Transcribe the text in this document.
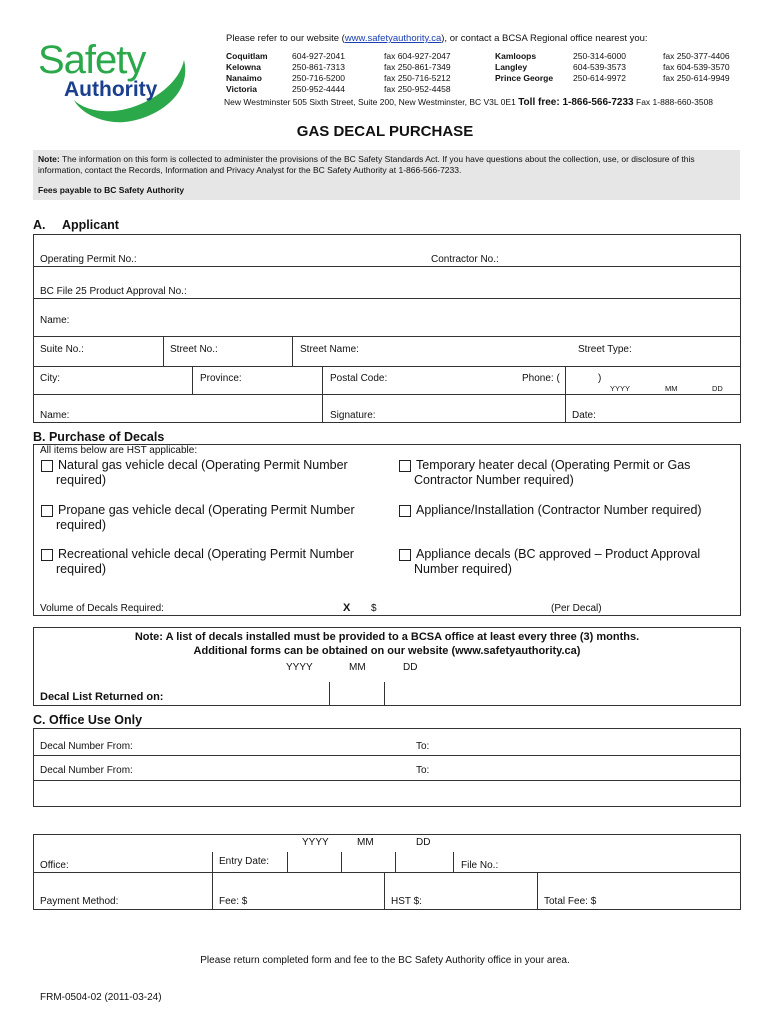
Safety
Authority
Please refer to our website (www.safetyauthority.ca), or contact a BCSA Regional office nearest you:
Coquitlam	604-927-2041	fax 604-927-2047
Kelowna	250-861-7313	fax 250-861-7349
Nanaimo	250-716-5200	fax 250-716-5212
Victoria	250-952-4444	fax 250-952-4458
Kamloops	250-314-6000	fax 250-377-4406
Langley	604-539-3573	fax 604-539-3570
Prince George 250-614-9972	fax 250-614-9949
New Westminster 505 Sixth Street, Suite 200, New Westminster, BC V3L 0E1 Toll free: 1-866-566-7233 Fax 1-888-660-3508
GAS DECAL PURCHASE
Note: The information on this form is collected to administer the provisions of the BC Safety Standards Act. If you have questions about the collection, use, or disclosure of this information, contact the Records, Information and Privacy Analyst for the BC Safety Authority at 1-866-566-7233.
Fees payable to BC Safety Authority
A. Applicant
Operating Permit No.:	Contractor No.:
BC File 25 Product Approval No.:
Name:
Suite No.:	Street No.:	Street Name:	Street Type:
City:	Province:	Postal Code:	Phone: (	)
YYYY	MM	DD
Name:	Signature:	Date:
B. Purchase of Decals
All items below are HST applicable:
Natural gas vehicle decal (Operating Permit Number
required)
Temporary heater decal (Operating Permit or Gas
Contractor Number required)
Propane gas vehicle decal (Operating Permit Number
required)
Appliance/Installation (Contractor Number required)
Recreational vehicle decal (Operating Permit Number
required)
Appliance decals (BC approved – Product Approval
Number required)
Volume of Decals Required:	X $	(Per Decal)
Note: A list of decals installed must be provided to a BCSA office at least every three (3) months.
Additional forms can be obtained on our website (www.safetyauthority.ca)
YYYY	MM	DD
Decal List Returned on:
C. Office Use Only
Decal Number From:	To:
Decal Number From:	To:
YYYY	MM	DD
Office:	Entry Date:	File No.:
Payment Method:	Fee: $	HST $:	Total Fee: $
Please return completed form and fee to the BC Safety Authority office in your area.
FRM-0504-02 (2011-03-24)
